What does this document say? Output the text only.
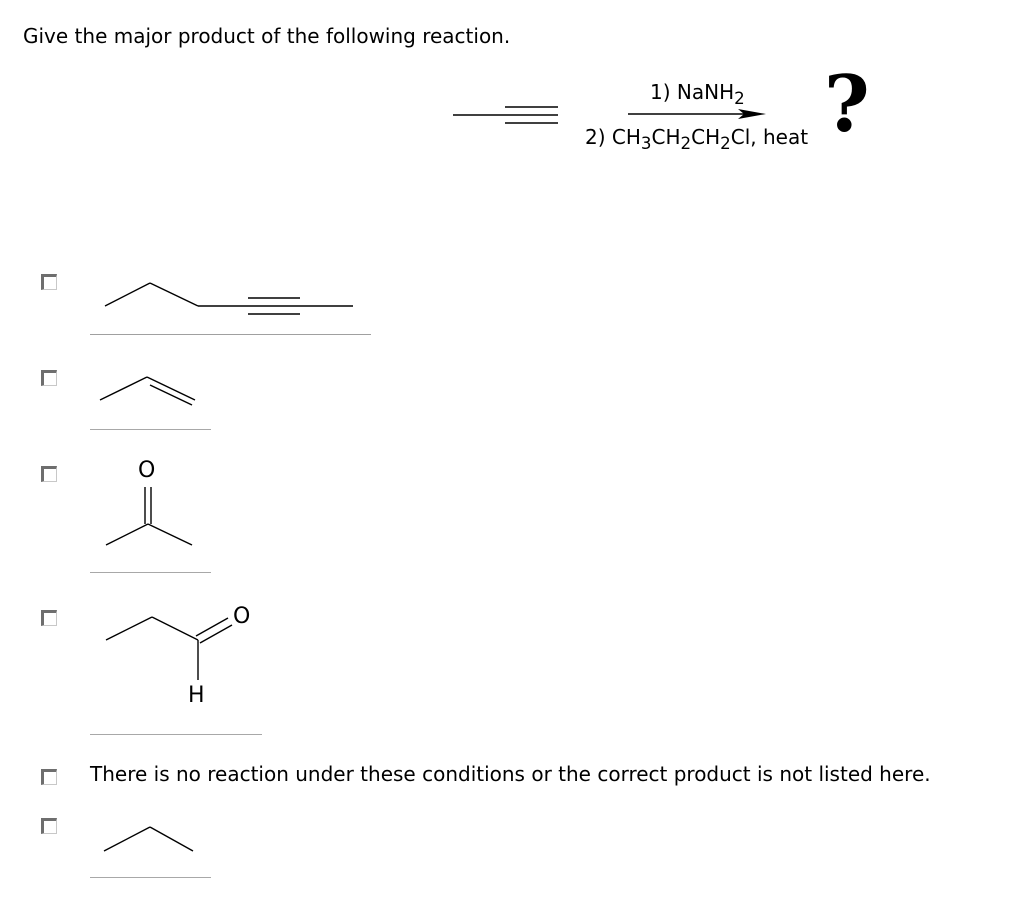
Give the major product of the following reaction.
1) NaNH$_2$
2) $CH_3CH_2CH_2Cl$, heat ?
O
O
H
There is no reaction under these conditions or the correct product is not listed here.
